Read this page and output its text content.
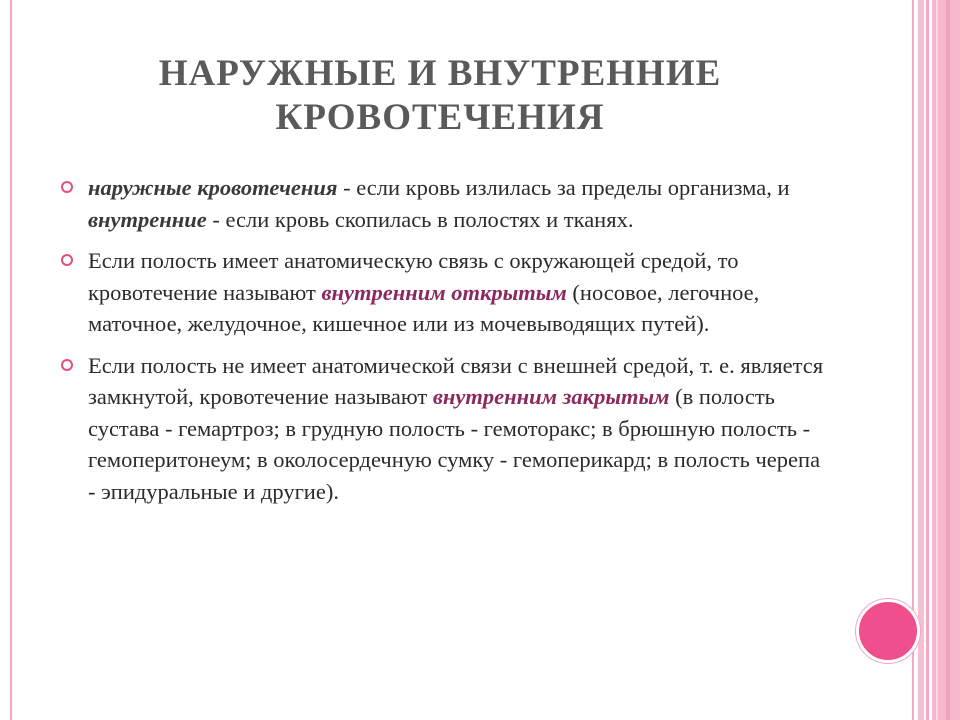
НАРУЖНЫЕ И ВНУТРЕННИЕ
КРОВОТЕЧЕНИЯ
наружные кровотечения - если кровь излилась за пределы организма, и внутренние - если кровь скопилась в полостях и тканях.
Если полость имеет анатомическую связь с окружающей средой, то кровотечение называют внутренним открытым (носовое, легочное, маточное, желудочное, кишечное или из мочевыводящих путей).
Если полость не имеет анатомической связи с внешней средой, т. е. является замкнутой, кровотечение называют внутренним закрытым (в полость сустава - гемартроз; в грудную полость - гемоторакс; в брюшную полость - гемоперитонеум; в околосердечную сумку - гемоперикард; в полость черепа - эпидуральные и другие).
